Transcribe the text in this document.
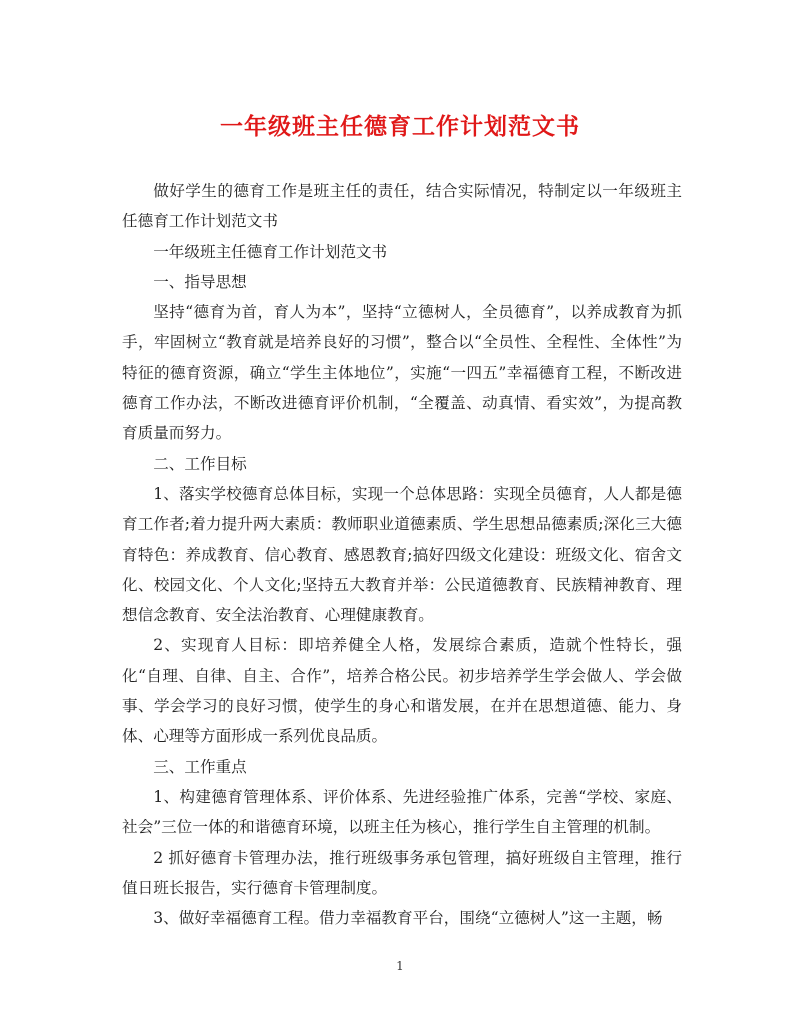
一年级班主任德育工作计划范文书

做好学生的德育工作是班主任的责任，结合实际情况，特制定以一年级班主任德育工作计划范文书

一年级班主任德育工作计划范文书

一、指导思想

坚持“德育为首，育人为本”，坚持“立德树人，全员德育”，以养成教育为抓手，牢固树立“教育就是培养良好的习惯”，整合以“全员性、全程性、全体性”为特征的德育资源，确立“学生主体地位”，实施“一四五”幸福德育工程，不断改进德育工作办法，不断改进德育评价机制，“全覆盖、动真情、看实效”，为提高教育质量而努力。

二、工作目标

1、落实学校德育总体目标，实现一个总体思路：实现全员德育，人人都是德育工作者;着力提升两大素质：教师职业道德素质、学生思想品德素质;深化三大德育特色：养成教育、信心教育、感恩教育;搞好四级文化建设：班级文化、宿舍文化、校园文化、个人文化;坚持五大教育并举：公民道德教育、民族精神教育、理想信念教育、安全法治教育、心理健康教育。

2、实现育人目标：即培养健全人格，发展综合素质，造就个性特长，强化“自理、自律、自主、合作”，培养合格公民。初步培养学生学会做人、学会做事、学会学习的良好习惯，使学生的身心和谐发展，在并在思想道德、能力、身体、心理等方面形成一系列优良品质。

三、工作重点

1、构建德育管理体系、评价体系、先进经验推广体系，完善“学校、家庭、社会”三位一体的和谐德育环境，以班主任为核心，推行学生自主管理的机制。

2 抓好德育卡管理办法，推行班级事务承包管理，搞好班级自主管理，推行值日班长报告，实行德育卡管理制度。

3、做好幸福德育工程。借力幸福教育平台，围绕“立德树人”这一主题，畅

1
